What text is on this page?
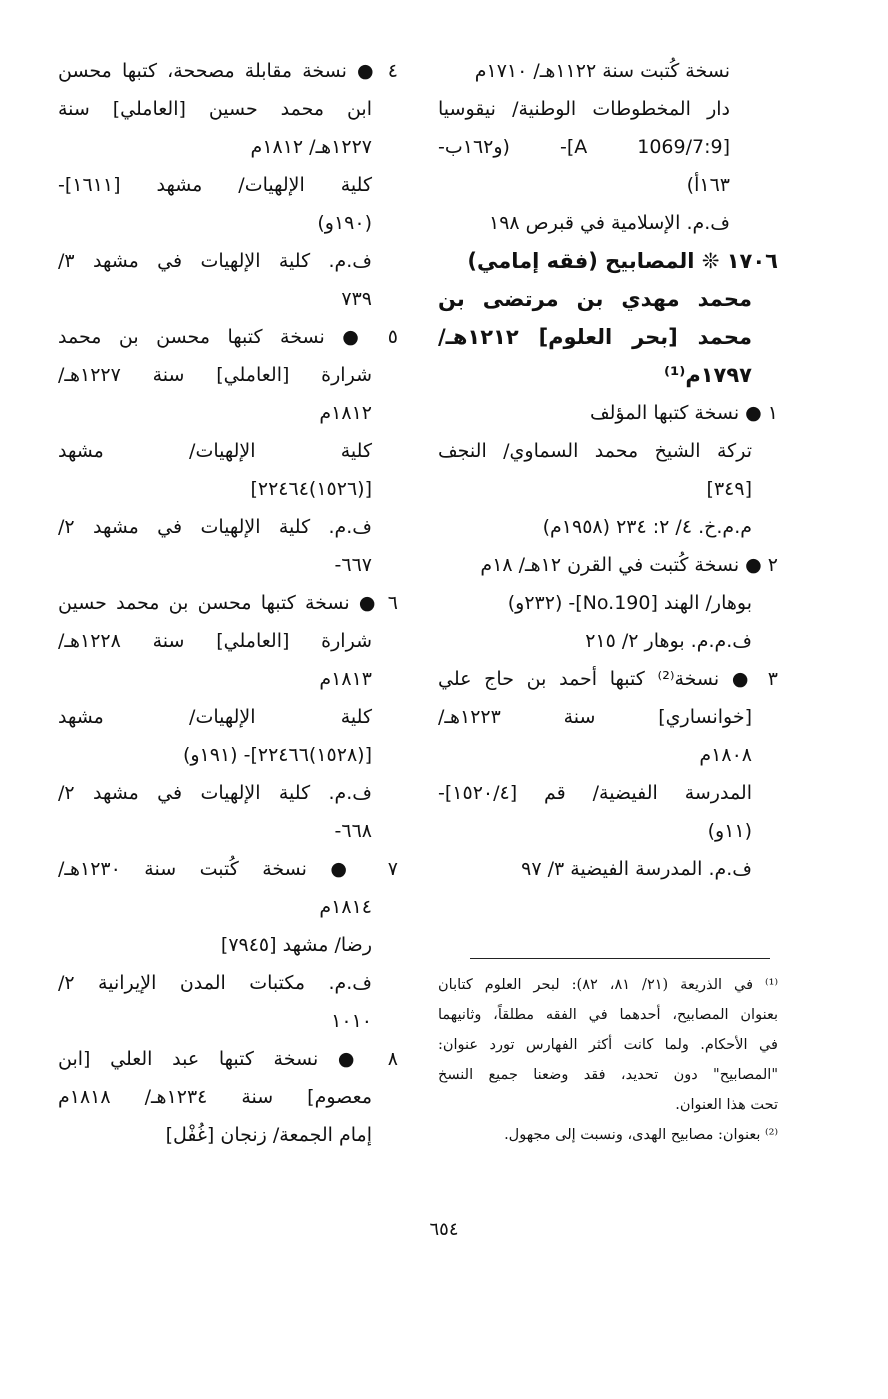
نسخة كُتبت سنة ١١٢٢هـ/ ١٧١٠م
دار المخطوطات الوطنية/ نيقوسيا
[A 1069/7:9]- (و١٦٢ب-
١٦٣أ)
ف.م. الإسلامية في قبرص ١٩٨
١٧٠٦ ❊ المصابيح (فقه إمامي)
محمد مهدي بن مرتضى بن
محمد [بحر العلوم] ١٢١٢هـ/
١٧٩٧م⁽¹⁾
١ ● نسخة كتبها المؤلف
تركة الشيخ محمد السماوي/ النجف
[٣٤٩]
م.م.خ. ٤/ ٢: ٢٣٤ (١٩٥٨م)
٢ ● نسخة كُتبت في القرن ١٢هـ/ ١٨م
بوهار/ الهند [No.190]- (٢٣٢و)
ف.م.م. بوهار ٢/ ٢١٥
٣ ● نسخة⁽²⁾ كتبها أحمد بن حاج علي
[خوانساري] سنة ١٢٢٣هـ/
١٨٠٨م
المدرسة الفيضية/ قم [١٥٢٠/٤]-
(١١و)
ف.م. المدرسة الفيضية ٣/ ٩٧
٤ ● نسخة مقابلة مصححة، كتبها محسن
ابن محمد حسين [العاملي] سنة
١٢٢٧هـ/ ١٨١٢م
كلية الإلهيات/ مشهد [١٦١١]-
(١٩٠و)
ف.م. كلية الإلهيات في مشهد ٣/
٧٣٩
٥ ● نسخة كتبها محسن بن محمد
شرارة [العاملي] سنة ١٢٢٧هـ/
١٨١٢م
كلية الإلهيات/ مشهد
[(١٥٢٦)٢٢٤٦٤]
ف.م. كلية الإلهيات في مشهد ٢/
٦٦٧-
٦ ● نسخة كتبها محسن بن محمد حسين
شرارة [العاملي] سنة ١٢٢٨هـ/
١٨١٣م
كلية الإلهيات/ مشهد
[(١٥٢٨)٢٢٤٦٦]- (١٩١و)
ف.م. كلية الإلهيات في مشهد ٢/
٦٦٨-
٧ ● نسخة كُتبت سنة ١٢٣٠هـ/
١٨١٤م
رضا/ مشهد [٧٩٤٥]
ف.م. مكتبات المدن الإيرانية ٢/
١٠١٠
٨ ● نسخة كتبها عبد العلي [ابن
معصوم] سنة ١٢٣٤هـ/ ١٨١٨م
إمام الجمعة/ زنجان [غُفْل]
⁽¹⁾ في الذريعة (٢١/ ٨١، ٨٢): لبحر العلوم كتابان
بعنوان المصابيح، أحدهما في الفقه مطلقاً، وثانيهما
في الأحكام. ولما كانت أكثر الفهارس تورد عنوان:
"المصابيح" دون تحديد، فقد وضعنا جميع النسخ
تحت هذا العنوان.
⁽²⁾ بعنوان: مصابيح الهدى، ونسبت إلى مجهول.
٦٥٤
